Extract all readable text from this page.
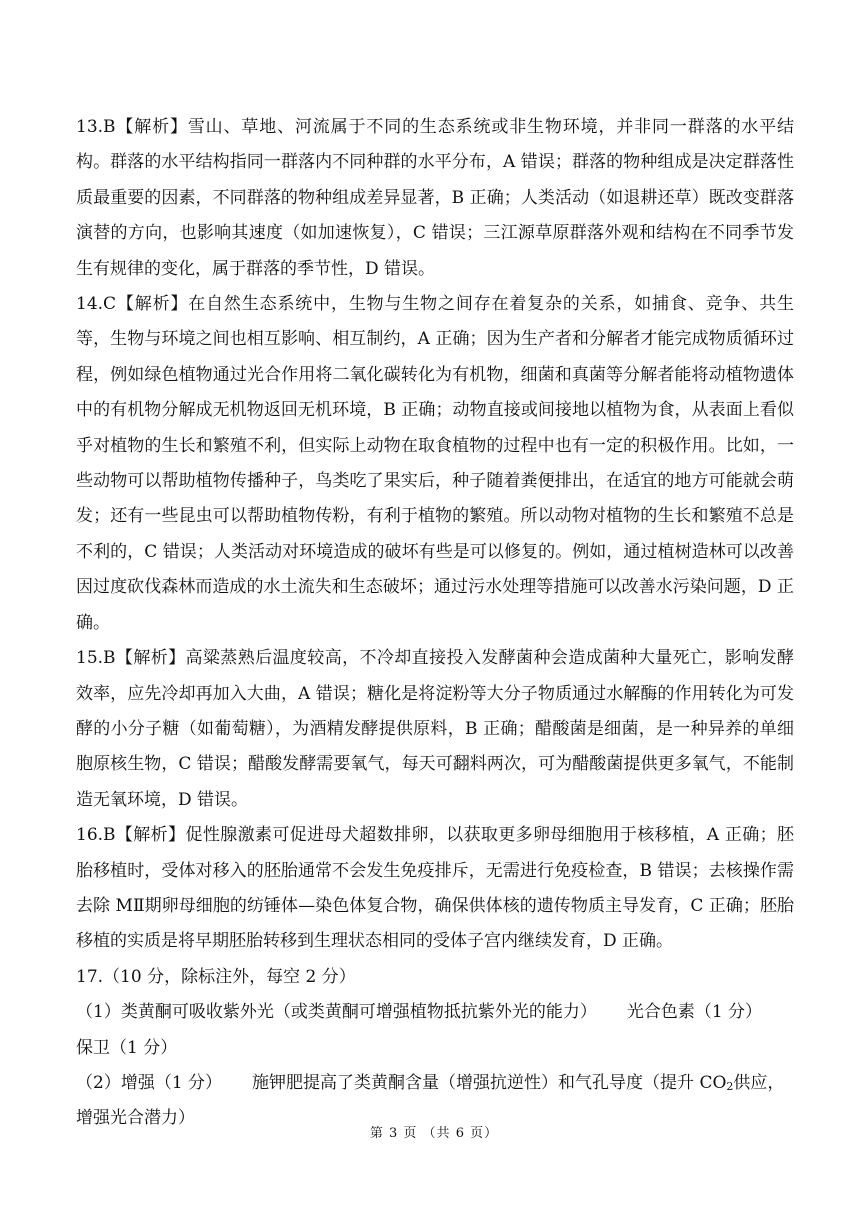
13.B【解析】雪山、草地、河流属于不同的生态系统或非生物环境，并非同一群落的水平结构。群落的水平结构指同一群落内不同种群的水平分布，A 错误；群落的物种组成是决定群落性质最重要的因素，不同群落的物种组成差异显著，B 正确；人类活动（如退耕还草）既改变群落演替的方向，也影响其速度（如加速恢复），C 错误；三江源草原群落外观和结构在不同季节发生有规律的变化，属于群落的季节性，D 错误。

14.C【解析】在自然生态系统中，生物与生物之间存在着复杂的关系，如捕食、竞争、共生等，生物与环境之间也相互影响、相互制约，A 正确；因为生产者和分解者才能完成物质循环过程，例如绿色植物通过光合作用将二氧化碳转化为有机物，细菌和真菌等分解者能将动植物遗体中的有机物分解成无机物返回无机环境，B 正确；动物直接或间接地以植物为食，从表面上看似乎对植物的生长和繁殖不利，但实际上动物在取食植物的过程中也有一定的积极作用。比如，一些动物可以帮助植物传播种子，鸟类吃了果实后，种子随着粪便排出，在适宜的地方可能就会萌发；还有一些昆虫可以帮助植物传粉，有利于植物的繁殖。所以动物对植物的生长和繁殖不总是不利的，C 错误；人类活动对环境造成的破坏有些是可以修复的。例如，通过植树造林可以改善因过度砍伐森林而造成的水土流失和生态破坏；通过污水处理等措施可以改善水污染问题，D 正确。

15.B【解析】高粱蒸熟后温度较高，不冷却直接投入发酵菌种会造成菌种大量死亡，影响发酵效率，应先冷却再加入大曲，A 错误；糖化是将淀粉等大分子物质通过水解酶的作用转化为可发酵的小分子糖（如葡萄糖），为酒精发酵提供原料，B 正确；醋酸菌是细菌，是一种异养的单细胞原核生物，C 错误；醋酸发酵需要氧气，每天可翻料两次，可为醋酸菌提供更多氧气，不能制造无氧环境，D 错误。

16.B【解析】促性腺激素可促进母犬超数排卵，以获取更多卵母细胞用于核移植，A 正确；胚胎移植时，受体对移入的胚胎通常不会发生免疫排斥，无需进行免疫检查，B 错误；去核操作需去除 MⅡ期卵母细胞的纺锤体—染色体复合物，确保供体核的遗传物质主导发育，C 正确；胚胎移植的实质是将早期胚胎转移到生理状态相同的受体子宫内继续发育，D 正确。

17.（10 分，除标注外，每空 2 分）

（1）类黄酮可吸收紫外光（或类黄酮可增强植物抵抗紫外光的能力） 光合色素（1 分）

保卫（1 分）

（2）增强（1 分） 施钾肥提高了类黄酮含量（增强抗逆性）和气孔导度（提升 $CO_2$供应，

增强光合潜力）

第 3 页 （共 6 页）
